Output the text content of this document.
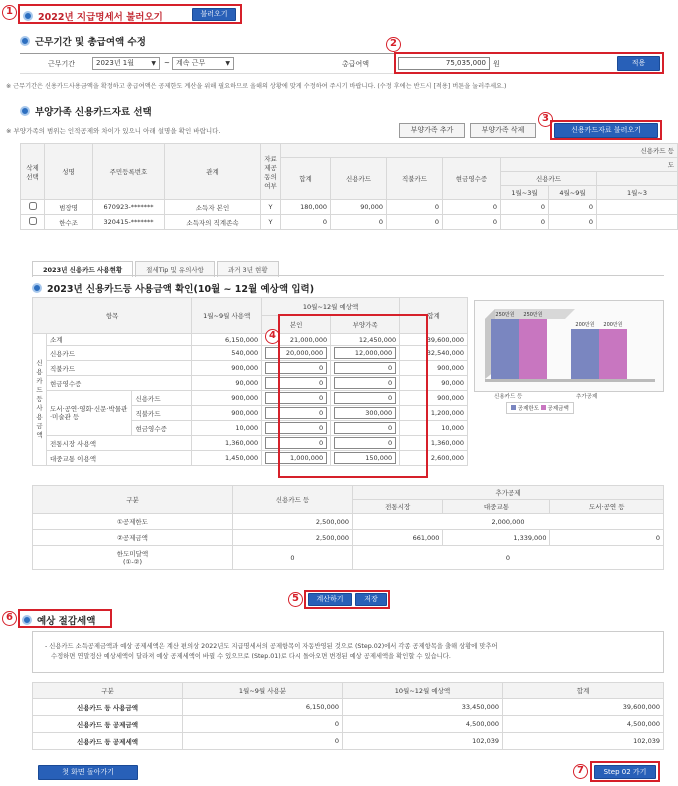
1
2022년 지급명세서 불러오기	불러오기
근무기간 및 총급여액 수정
근무기간	2023년 1월	▼ ~ 계속 근무	▼	총급여액
2
75,035,000	원	적용
※ 근무기간은 신용카드사용금액을 확정하고 총급여액은 공제한도 계산을 위해 필요하므로 올해의 상황에 맞게 수정하여 주시기 바랍니다. (수정 후에는 반드시 [적용] 버튼을 눌러주세요.)
부양가족 신용카드자료 선택
※ 부양가족의 범위는 인적공제와 차이가 있으니 아래 설명을 확인 바랍니다.	부양가족 추가	부양가족 삭제
3
신용카드자료 불러오기
삭제선택	성명	주민등록번호	관계	자료제공동의여부	신용카드 등						
					합계	신용카드	직불카드	현금영수증	도		
									신용카드		
									1월~3월	4월~9월	1월~3
	범장명	670923-*******	소득자 본인	Y	180,000	90,000	0	0	0	0	
	한수조	320415-*******	소득자의 직계존속	Y	0	0	0	0	0	0	
2023년 신용카드 사용현황	절세Tip 및 유의사항	과거 3년 현황
2023년 신용카드등 사용금액 확인(10월 ~ 12월 예상액 입력)
항목			1월~9월 사용액	10월~12월 예상액		합계
				본인	부양가족	
신용카드등 사용금액	소계		6,150,000	21,000,000	12,450,000	39,600,000
	신용카드		540,000	20,000,000	12,000,000	32,540,000
	직불카드		900,000	0	0	900,000
	현금영수증		90,000	0	0	90,000
	도서·공연·영화·신문·박물관·미술관 등	신용카드	900,000	0	0	900,000
		직불카드	900,000	0	300,000	1,200,000
		현금영수증	10,000	0	0	10,000
	전통시장 사용액		1,360,000	0	0	1,360,000
	대중교통 이용액		1,450,000	1,000,000	150,000	2,600,000
4
250만원 250만원
200만원 200만원
신용카드 등	추가공제
공제한도 공제금액
구분	신용카드 등	추가공제		
		전통시장	대중교통	도서·공연 등
①공제한도	2,500,000	2,000,000		
②공제금액	2,500,000	661,000	1,339,000	0
한도미달액
(①-②)	0	0		
5	계산하기	저장
6	예상 절감세액
- 신용카드 소득공제금액과 예상 공제세액은 계산 편의상 2022년도 지급명세서의 공제항목이 자동반영된 것으로 (Step.02)에서 각종 공제항목을 출해 상황에 맞추어
수정하면 연말정산 예상세액이 달라져 예상 공제세액이 바뀔 수 있으므로 (Step.01)로 다시 돌아오면 변경된 예상 공제세액을 확인할 수 있습니다.
구분	1월~9월 사용분	10월~12월 예상액	합계
신용카드 등 사용금액	6,150,000	33,450,000	39,600,000
신용카드 등 공제금액	0	4,500,000	4,500,000
신용카드 등 공제세액	0	102,039	102,039
첫 화면 돌아가기	7	Step 02 가기
